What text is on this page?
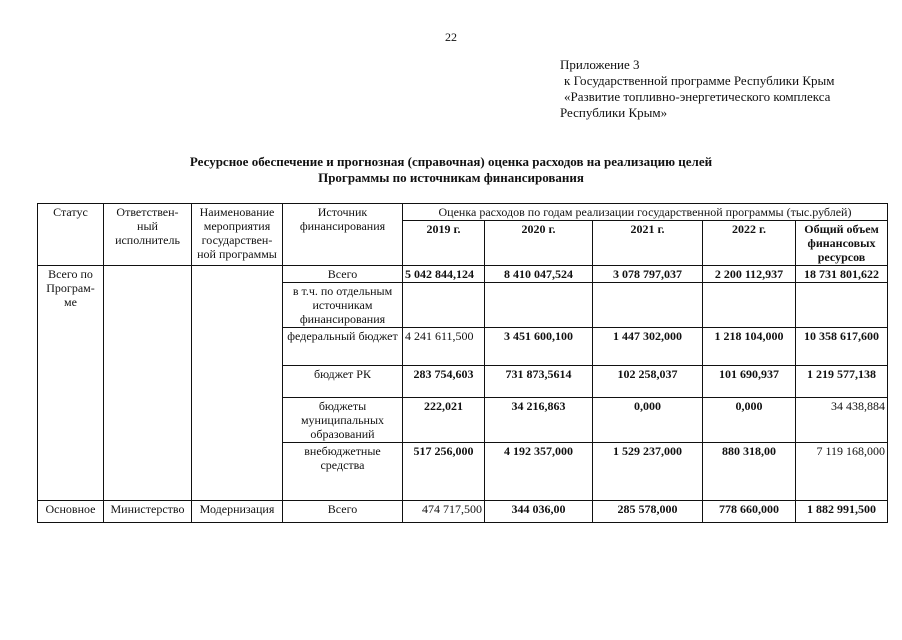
22
Приложение 3
к Государственной программе Республики Крым
«Развитие топливно-энергетического комплекса
Республики Крым»
Ресурсное обеспечение и прогнозная (справочная) оценка расходов на реализацию целей
Программы по источникам финансирования
Статус	Ответствен-ный исполнитель	Наименование мероприятия государствен-ной программы	Источник финансирования	Оценка расходов по годам реализации государственной программы (тыс.рублей)				
				2019 г.	2020 г.	2021 г.	2022 г.	Общий объем финансовых ресурсов
Всего по Програм-ме			Всего	5 042 844,124	8 410 047,524	3 078 797,037	2 200 112,937	18 731 801,622
			в т.ч. по отдельным источникам финансирования					
			федеральный бюджет	4 241 611,500	3 451 600,100	1 447 302,000	1 218 104,000	10 358 617,600
			бюджет РК	283 754,603	731 873,5614	102 258,037	101 690,937	1 219 577,138
			бюджеты муниципальных образований	222,021	34 216,863	0,000	0,000	34 438,884
			внебюджетные средства	517 256,000	4 192 357,000	1 529 237,000	880 318,00	7 119 168,000
Основное	Министерство	Модернизация	Всего	474 717,500	344 036,00	285 578,000	778 660,000	1 882 991,500
